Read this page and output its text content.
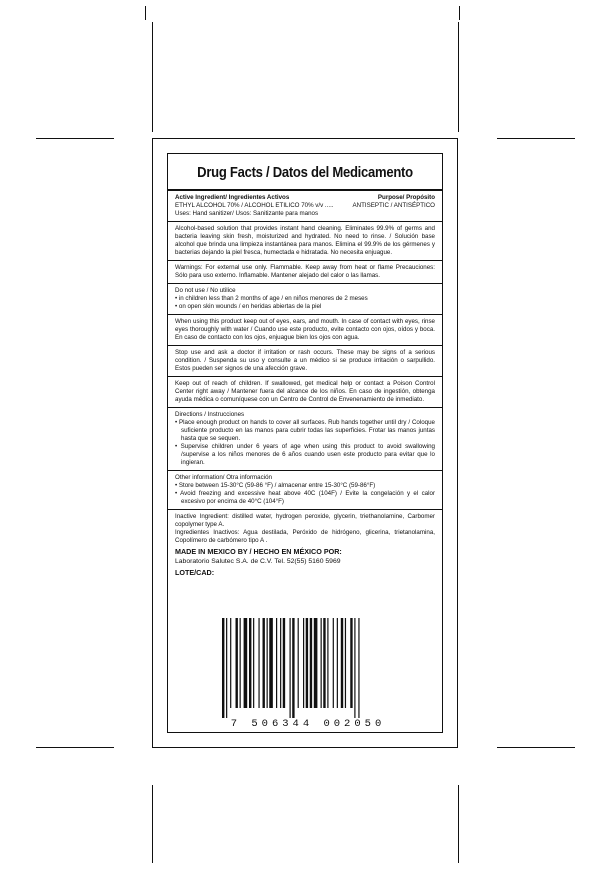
Drug Facts / Datos del Medicamento
Active Ingredient/ Ingredientes Activos	Purpose/ Propósito
ETHYL ALCOHOL 70% / ALCOHOL ETILICO 70% v/v .....	ANTISEPTIC / ANTISÉPTICO

Uses: Hand sanitizer/ Usos: Sanitizante para manos

Alcohol-based solution that provides instant hand cleaning. Eliminates 99.9% of germs and bacteria leaving skin fresh, moisturized and hydrated. No need to rinse. / Solución base alcohol que brinda una limpieza instantánea para manos. Elimina el 99.9% de los gérmenes y bacterias dejando la piel fresca, humectada e hidratada. No necesita enjuague.

Warnings: For external use only. Flammable. Keep away from heat or flame Precauciones: Sólo para uso externo. Inflamable. Mantener alejado del calor o las llamas.

Do not use / No utilice

• in children less than 2 months of age / en niños menores de 2 meses

• on open skin wounds / en heridas abiertas de la piel

When using this product keep out of eyes, ears, and mouth. In case of contact with eyes, rinse eyes thoroughly with water / Cuando use este producto, evite contacto con ojos, oídos y boca. En caso de contacto con los ojos, enjuague bien los ojos con agua.

Stop use and ask a doctor if irritation or rash occurs. These may be signs of a serious condition. / Suspenda su uso y consulte a un médico si se produce irritación o sarpullido. Estos pueden ser signos de una afección grave.

Keep out of reach of children. If swallowed, get medical help or contact a Poison Control Center right away / Mantener fuera del alcance de los niños. En caso de ingestión, obtenga ayuda médica o comuníquese con un Centro de Control de Envenenamiento de inmediato.

Directions / Instrucciones

• Place enough product on hands to cover all surfaces. Rub hands together until dry / Coloque suficiente producto en las manos para cubrir todas las superficies. Frotar las manos juntas hasta que se sequen.

• Supervise children under 6 years of age when using this product to avoid swallowing /supervise a los niños menores de 6 años cuando usen este producto para evitar que lo ingieran.

Other information/ Otra información

• Store between 15-30°C (59-86 °F) / almacenar entre 15-30°C (59-86°F)

• Avoid freezing and excessive heat above 40C (104F) / Evite la congelación y el calor excesivo por encima de 40°C (104°F)

Inactive Ingredient: distilled water, hydrogen peroxide, glycerin, triethanolamine, Carbomer copolymer type A.

Ingredientes Inactivos: Agua destilada, Peróxido de hidrógeno, glicerina, trietanolamina, Copolímero de carbómero tipo A .

MADE IN MEXICO BY / HECHO EN MÉXICO POR:
Laboratorio Salutec S.A. de C.V. Tel. 52(55) 5160 5969
LOTE/CAD:
7 506344 002050
